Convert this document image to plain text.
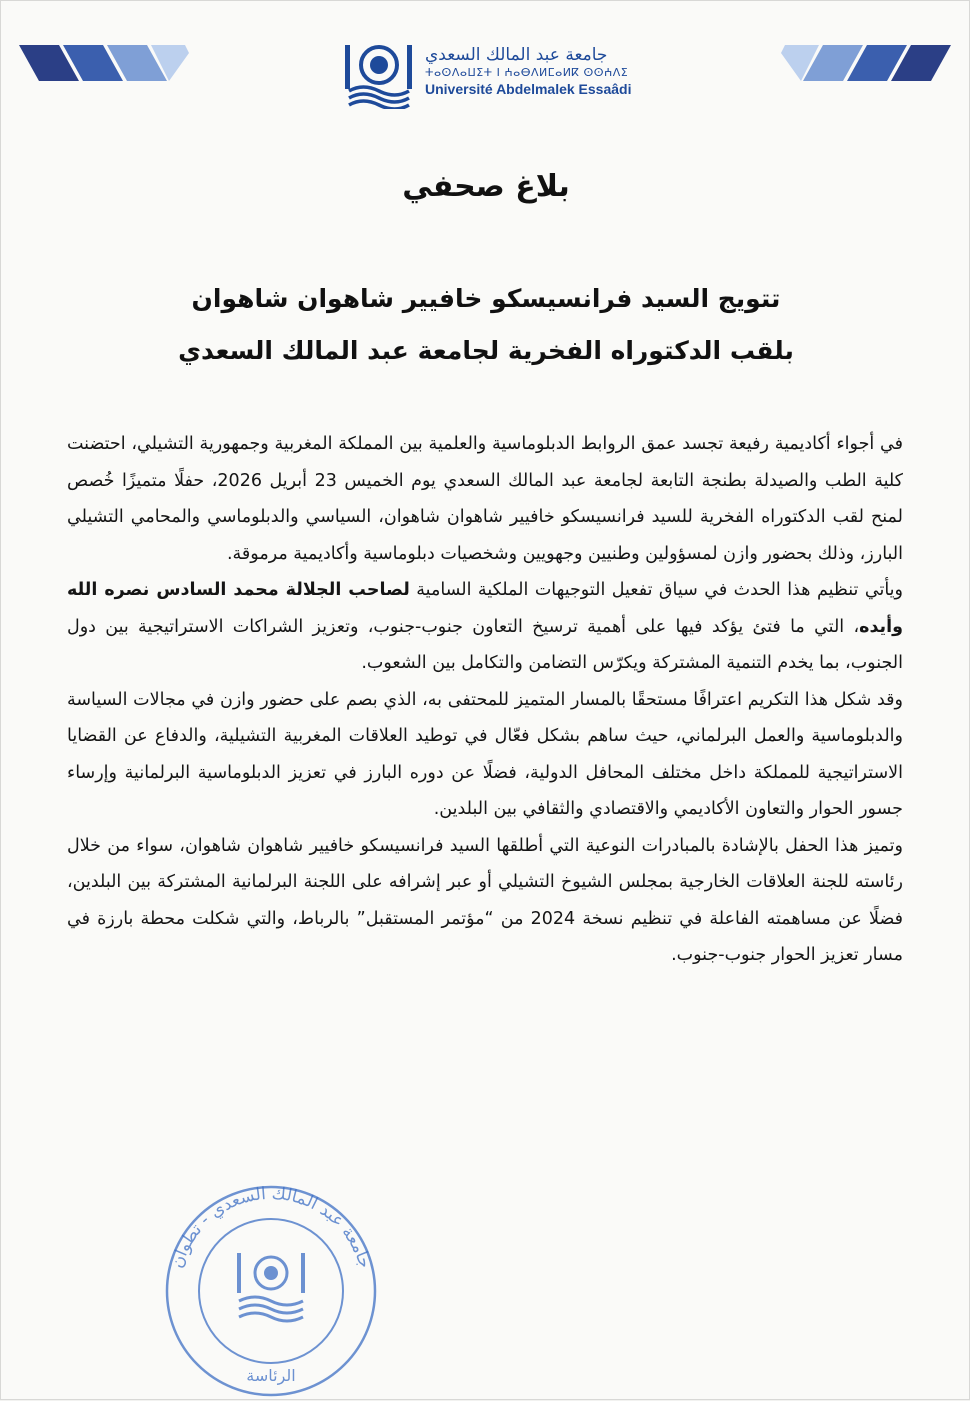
جامعة عبد المالك السعدي
ⵜⴰⵙⴷⴰⵡⵉⵜ ⵏ ⵄⴰⴱⴷⵍⵎⴰⵍⴽ ⵙⵙⵄⴷⵉ
Université Abdelmalek Essaâdi
بلاغ صحفي
تتويج السيد فرانسيسكو خافيير شاهوان شاهوان
بلقب الدكتوراه الفخرية لجامعة عبد المالك السعدي

في أجواء أكاديمية رفيعة تجسد عمق الروابط الدبلوماسية والعلمية بين المملكة المغربية وجمهورية التشيلي، احتضنت كلية الطب والصيدلة بطنجة التابعة لجامعة عبد المالك السعدي يوم الخميس 23 أبريل 2026، حفلًا متميزًا خُصص لمنح لقب الدكتوراه الفخرية للسيد فرانسيسكو خافيير شاهوان شاهوان، السياسي والدبلوماسي والمحامي التشيلي البارز، وذلك بحضور وازن لمسؤولين وطنيين وجهويين وشخصيات دبلوماسية وأكاديمية مرموقة.

ويأتي تنظيم هذا الحدث في سياق تفعيل التوجيهات الملكية السامية لصاحب الجلالة محمد السادس نصره الله وأيده، التي ما فتئ يؤكد فيها على أهمية ترسيخ التعاون جنوب-جنوب، وتعزيز الشراكات الاستراتيجية بين دول الجنوب، بما يخدم التنمية المشتركة ويكرّس التضامن والتكامل بين الشعوب.

وقد شكل هذا التكريم اعترافًا مستحقًا بالمسار المتميز للمحتفى به، الذي بصم على حضور وازن في مجالات السياسة والدبلوماسية والعمل البرلماني، حيث ساهم بشكل فعّال في توطيد العلاقات المغربية التشيلية، والدفاع عن القضايا الاستراتيجية للمملكة داخل مختلف المحافل الدولية، فضلًا عن دوره البارز في تعزيز الدبلوماسية البرلمانية وإرساء جسور الحوار والتعاون الأكاديمي والاقتصادي والثقافي بين البلدين.

وتميز هذا الحفل بالإشادة بالمبادرات النوعية التي أطلقها السيد فرانسيسكو خافيير شاهوان شاهوان، سواء من خلال رئاسته للجنة العلاقات الخارجية بمجلس الشيوخ التشيلي أو عبر إشرافه على اللجنة البرلمانية المشتركة بين البلدين، فضلًا عن مساهمته الفاعلة في تنظيم نسخة 2024 من “مؤتمر المستقبل” بالرباط، والتي شكلت محطة بارزة في مسار تعزيز الحوار جنوب-جنوب.

جامعة عبد المالك السعدي - تطوان
الرئاسة
